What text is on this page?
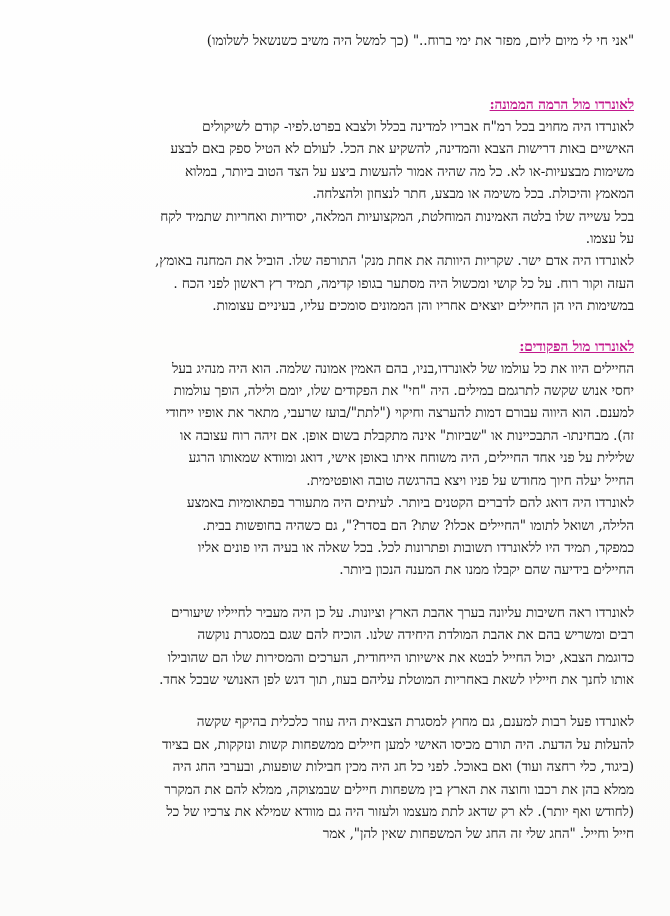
"אני חי לי מיום ליום, מפזר את ימי ברוח.." (כך למשל היה משיב כשנשאל לשלומו)

לאונרדו מול הרמה הממונה:
לאונרדו היה מחויב בכל רמ"ח אבריו למדינה בכלל ולצבא בפרט.לפיו- קודם לשיקולים
האישיים באות דרישות הצבא והמדינה, להשקיע את הכל. לעולם לא הטיל ספק באם לבצע
משימות מבצעיות-או לא. כל מה שהיה אמור להעשות ביצע על הצד הטוב ביותר, במלוא
המאמץ והיכולת. בכל משימה או מבצע, חתר לנצחון ולהצלחה.
בכל עשייה שלו בלטה האמינות המוחלטת, המקצועיות המלאה, יסודיות ואחריות שתמיד לקח
על עצמו.
לאונרדו היה אדם ישר. שקריות היוותה את אחת מנק' התורפה שלו. הוביל את המחנה באומץ,
העזה וקור רוח. על כל קושי ומכשול היה מסתער בגופו קדימה, תמיד רץ ראשון לפני הכח .
במשימות היו הן החיילים יוצאים אחריו והן הממונים סומכים עליו, בעיניים עצומות.
לאונרדו מול הפקודים:
החיילים היוו את כל עולמו של לאונרדו,בניו, בהם האמין אמונה שלמה. הוא היה מנהיג בעל
יחסי אנוש שקשה לתרגמם במילים. היה "חי" את הפקודים שלו, יומם ולילה, הופך עולמות
למענם. הוא היווה עבורם דמות להערצה וחיקוי ("לתת"/בועז שרעבי, מתאר את אופיו ייחודי
זה). מבחינתו- התבכיינות או "שביזות" אינה מתקבלת בשום אופן. אם זיהה רוח עצובה או
שלילית על פני אחד החיילים, היה משוחח איתו באופן אישי, דואג ומוודא שמאותו הרגע
החייל יעלה חיוך מחודש על פניו ויצא בהרגשה טובה ואופטימית.
לאונרדו היה דואג להם לדברים הקטנים ביותר. לעיתים היה מתעורר בפתאומיות באמצע
הלילה, ושואל לתומו "החיילים אכלו? שתו? הם בסדר?", גם כשהיה בחופשות בבית.
כמפקד, תמיד היו ללאונרדו תשובות ופתרונות לכל. בכל שאלה או בעיה היו פונים אליו
החיילים בידיעה שהם יקבלו ממנו את המענה הנכון ביותר.
לאונרדו ראה חשיבות עליונה בערך אהבת הארץ וציונות. על כן היה מעביר לחייליו שיעורים
רבים ומשריש בהם את אהבת המולדת היחידה שלנו. הוכיח להם שגם במסגרת נוקשה
כדוגמת הצבא, יכול החייל לבטא את אישיותו הייחודית, הערכים והמסירות שלו הם שהובילו
אותו לחנך את חייליו לשאת באחריות המוטלת עליהם בעוז, תוך דגש לפן האנושי שבכל אחד.
לאונרדו פעל רבות למענם, גם מחוץ למסגרת הצבאית היה עוזר כלכלית בהיקף שקשה
להעלות על הדעת. היה תורם מכיסו האישי למען חיילים ממשפחות קשות ונזקקות, אם בציוד
(ביגוד, כלי רחצה ועוד) ואם באוכל. לפני כל חג היה מכין חבילות שופעות, ובערבי החג היה
ממלא בהן את רכבו וחוצה את הארץ בין משפחות חיילים שבמצוקה, ממלא להם את המקרר
(לחודש ואף יותר). לא רק שדאג לתת מעצמו ולעזור היה גם מוודא שמילא את צרכיו של כל
חייל וחייל. "החג שלי זה החג של המשפחות שאין להן", אמר
